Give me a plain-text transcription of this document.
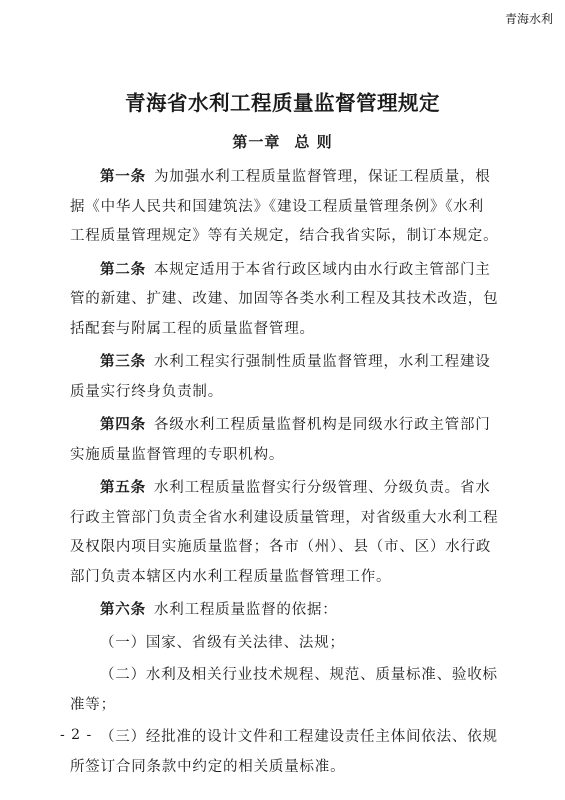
青海水利
青海省水利工程质量监督管理规定
第一章 总 则
第一条  为加强水利工程质量监督管理，保证工程质量，根
据《中华人民共和国建筑法》《建设工程质量管理条例》《水利
工程质量管理规定》等有关规定，结合我省实际，制订本规定。
第二条  本规定适用于本省行政区域内由水行政主管部门主
管的新建、扩建、改建、加固等各类水利工程及其技术改造，包
括配套与附属工程的质量监督管理。
第三条  水利工程实行强制性质量监督管理，水利工程建设
质量实行终身负责制。
第四条  各级水利工程质量监督机构是同级水行政主管部门
实施质量监督管理的专职机构。
第五条  水利工程质量监督实行分级管理、分级负责。省水
行政主管部门负责全省水利建设质量管理，对省级重大水利工程
及权限内项目实施质量监督；各市（州）、县（市、区）水行政
部门负责本辖区内水利工程质量监督管理工作。
第六条  水利工程质量监督的依据：
（一）国家、省级有关法律、法规；
（二）水利及相关行业技术规程、规范、质量标准、验收标
准等；
（三）经批准的设计文件和工程建设责任主体间依法、依规
所签订合同条款中约定的相关质量标准。
- 2 -
